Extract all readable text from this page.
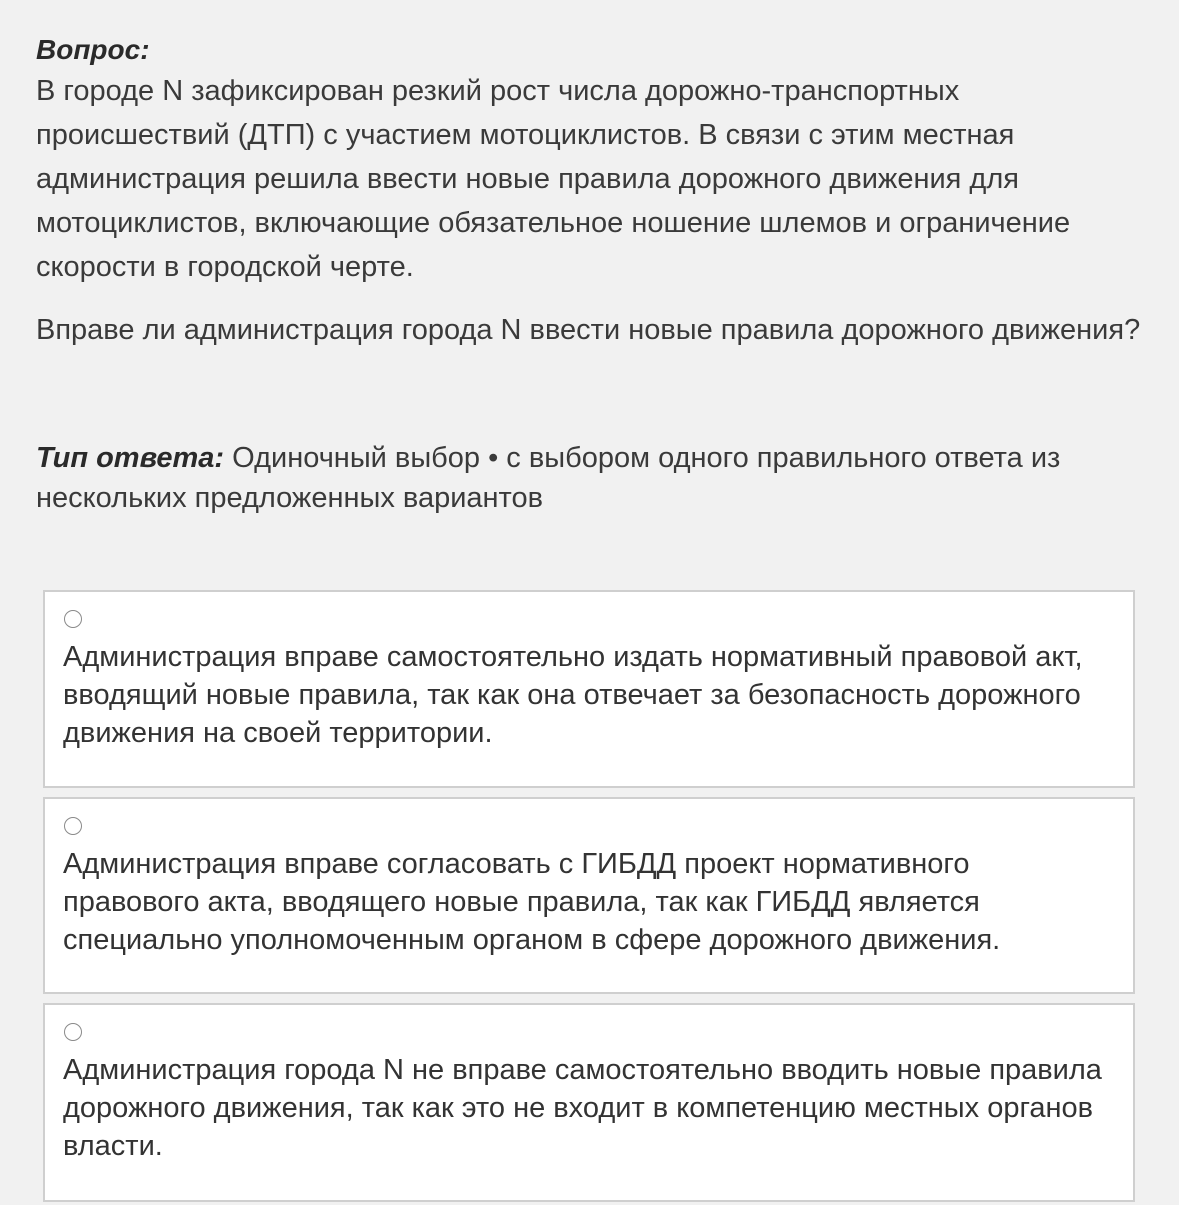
Вопрос:

В городе N зафиксирован резкий рост числа дорожно-транспортных происшествий (ДТП) с участием мотоциклистов. В связи с этим местная администрация решила ввести новые правила дорожного движения для мотоциклистов, включающие обязательное ношение шлемов и ограничение скорости в городской черте.

Вправе ли администрация города N ввести новые правила дорожного движения?

Тип ответа: Одиночный выбор • с выбором одного правильного ответа из нескольких предложенных вариантов

Администрация вправе самостоятельно издать нормативный правовой акт, вводящий новые правила, так как она отвечает за безопасность дорожного движения на своей территории.
Администрация вправе согласовать с ГИБДД проект нормативного правового акта, вводящего новые правила, так как ГИБДД является специально уполномоченным органом в сфере дорожного движения.
Администрация города N не вправе самостоятельно вводить новые правила дорожного движения, так как это не входит в компетенцию местных органов власти.
